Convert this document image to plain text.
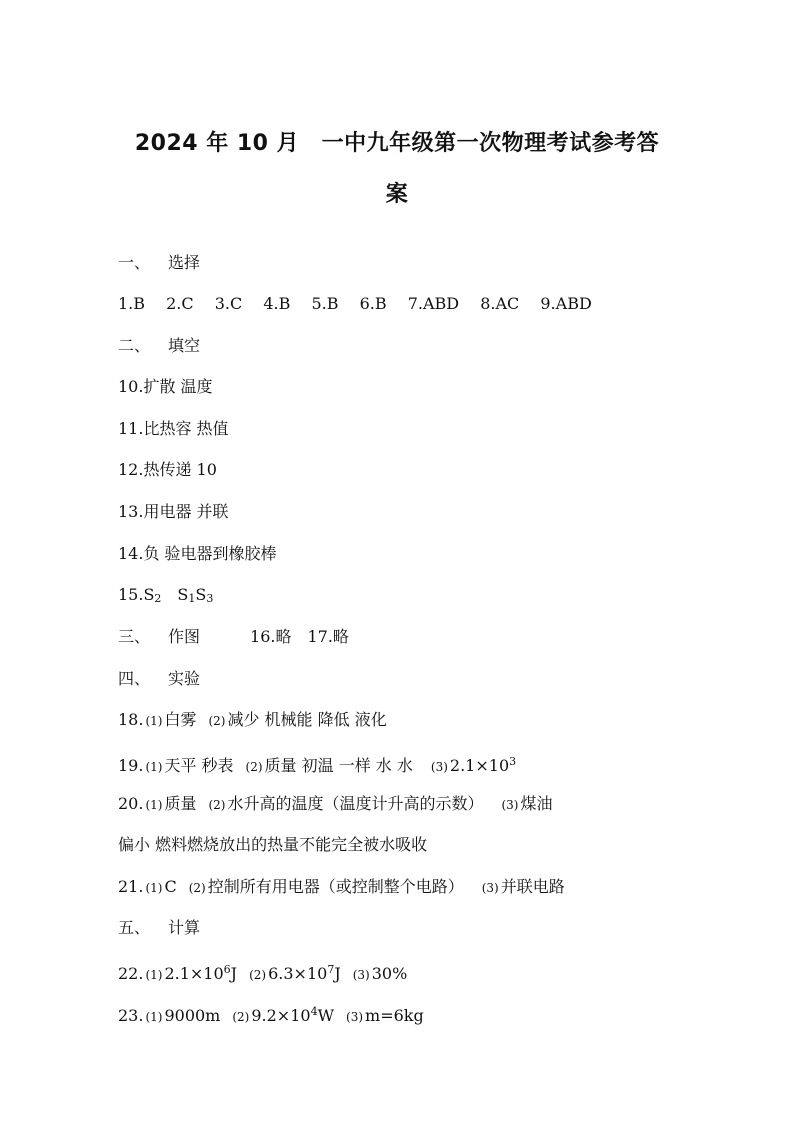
2024 年 10 月　一中九年级第一次物理考试参考答
案
一、 选择
1.B 2.C 3.C 4.B 5.B 6.B 7.ABD 8.AC 9.ABD
二、 填空
10.扩散 温度
11.比热容 热值
12.热传递 10
13.用电器 并联
14.负 验电器到橡胶棒
15.S2 S1S3
三、 作图	16.略 17.略
四、 实验
18. (1) 白雾 (2) 减少 机械能 降低 液化
19. (1) 天平 秒表 (2) 质量 初温 一样 水 水 (3) $2.1\times 10^3$
20. (1) 质量 (2) 水升高的温度（温度计升高的示数） (3) 煤油
偏小 燃料燃烧放出的热量不能完全被水吸收
21. (1) C (2) 控制所有用电器（或控制整个电路） (3) 并联电路
五、 计算
22. (1) $2.1\times 10^6J$ (2) $6.3\times 10^7J$ (3) 30%
23. (1) 9000m (2) $9.2\times 10^4W$ (3) m=6kg
